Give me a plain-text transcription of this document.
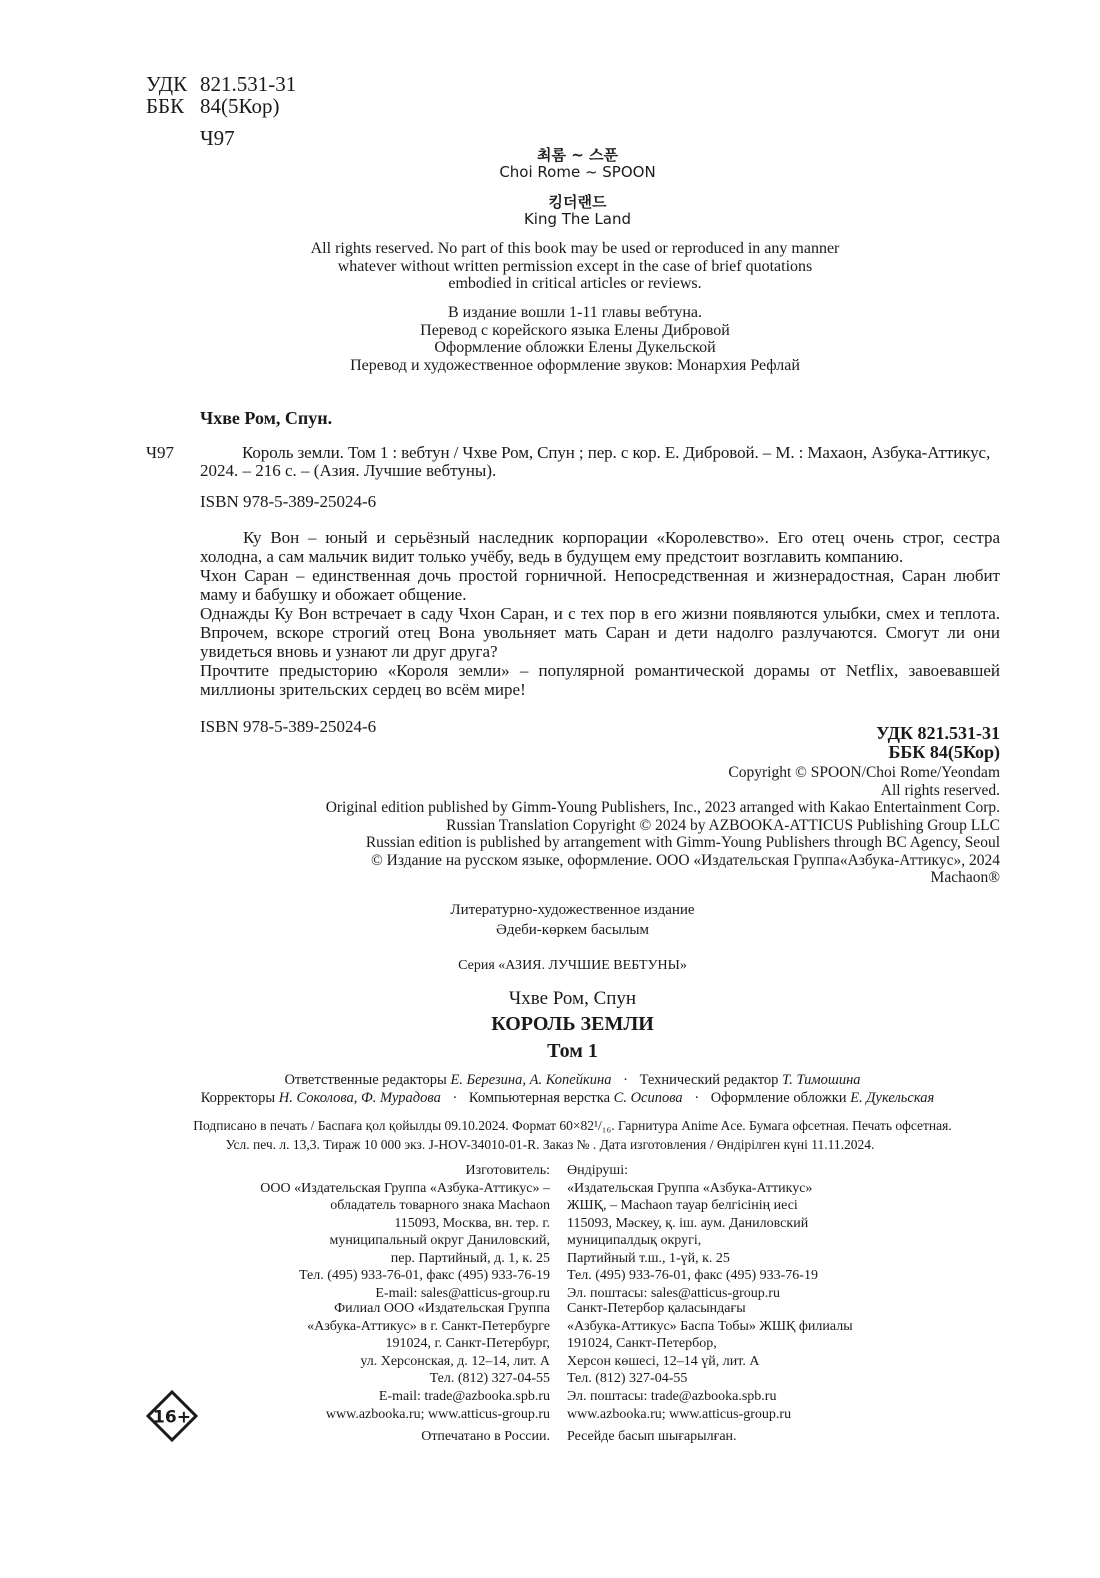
УДК 821.531-31
ББК 84(5Кор)
Ч97
최롬 ~ 스푼
Choi Rome ~ SPOON
킹더랜드
King The Land
All rights reserved. No part of this book may be used or reproduced in any manner
whatever without written permission except in the case of brief quotations
embodied in critical articles or reviews.
В издание вошли 1-11 главы вебтуна.
Перевод с корейского языка Елены Дибровой
Оформление обложки Елены Дукельской
Перевод и художественное оформление звуков: Монархия Рефлай
Чхве Ром, Спун.
Ч97	Король земли. Том 1 : вебтун / Чхве Ром, Спун ; пер. с кор. Е. Дибровой. – М. : Махаон, Азбука-Аттикус,
2024. – 216 с. – (Азия. Лучшие вебтуны).
ISBN 978-5-389-25024-6

Ку Вон – юный и серьёзный наследник корпорации «Королевство». Его отец очень строг, сестра холодна, а сам мальчик видит только учёбу, ведь в будущем ему предстоит возглавить компанию.

Чхон Саран – единственная дочь простой горничной. Непосредственная и жизнерадостная, Саран любит маму и бабушку и обожает общение.

Однажды Ку Вон встречает в саду Чхон Саран, и с тех пор в его жизни появляются улыбки, смех и теплота. Впрочем, вскоре строгий отец Вона увольняет мать Саран и дети надолго разлучаются. Смогут ли они увидеться вновь и узнают ли друг друга?

Прочтите предысторию «Короля земли» – популярной романтической дорамы от Netflix, завоевавшей миллионы зрительских сердец во всём мире!

ISBN 978-5-389-25024-6	УДК 821.531-31
ББК 84(5Кор)
Copyright © SPOON/Choi Rome/Yeondam
All rights reserved.
Original edition published by Gimm-Young Publishers, Inc., 2023 arranged with Kakao Entertainment Corp.
Russian Translation Copyright © 2024 by AZBOOKA-ATTICUS Publishing Group LLC
Russian edition is published by arrangement with Gimm-Young Publishers through BC Agency, Seoul
© Издание на русском языке, оформление. ООО «Издательская Группа«Азбука-Аттикус», 2024
Machaon®
Литературно-художественное издание
Әдеби-көркем басылым
Серия «АЗИЯ. ЛУЧШИЕ ВЕБТУНЫ»
Чхве Ром, Спун
КОРОЛЬ ЗЕМЛИ
Том 1
Ответственные редакторы Е. Березина, А. Копейкина · Технический редактор Т. Тимошина
Корректоры Н. Соколова, Ф. Мурадова · Компьютерная верстка С. Осипова · Оформление обложки Е. Дукельская
Подписано в печать / Баспаға қол қойылды 09.10.2024. Формат 60×82¹/₁₆. Гарнитура Anime Ace. Бумага офсетная. Печать офсетная.
Усл. печ. л. 13,3. Тираж 10 000 экз. J-HOV-34010-01-R. Заказ № . Дата изготовления / Өндірілген күні 11.11.2024.
Изготовитель:
ООО «Издательская Группа «Азбука-Аттикус» –
обладатель товарного знака Machaon
115093, Москва, вн. тер. г.
муниципальный округ Даниловский,
пер. Партийный, д. 1, к. 25
Тел. (495) 933-76-01, факс (495) 933-76-19
E-mail: sales@atticus-group.ru
Өндіруші:
«Издательская Группа «Азбука-Аттикус»
ЖШҚ, – Machaon тауар белгісінің иесі
115093, Мәскеу, қ. іш. аум. Даниловский
муниципалдық округі,
Партийный т.ш., 1-үй, к. 25
Тел. (495) 933-76-01, факс (495) 933-76-19
Эл. поштасы: sales@atticus-group.ru
Филиал ООО «Издательская Группа
«Азбука-Аттикус» в г. Санкт-Петербурге
191024, г. Санкт-Петербург,
ул. Херсонская, д. 12–14, лит. А
Тел. (812) 327-04-55
E-mail: trade@azbooka.spb.ru
Санкт-Петербор қаласындағы
«Азбука-Аттикус» Баспа Тобы» ЖШҚ филиалы
191024, Санкт-Петербор,
Херсон көшесі, 12–14 үй, лит. А
Тел. (812) 327-04-55
Эл. поштасы: trade@azbooka.spb.ru
www.azbooka.ru; www.atticus-group.ru www.azbooka.ru; www.atticus-group.ru
Отпечатано в России. Ресейде басып шығарылған.
16+
